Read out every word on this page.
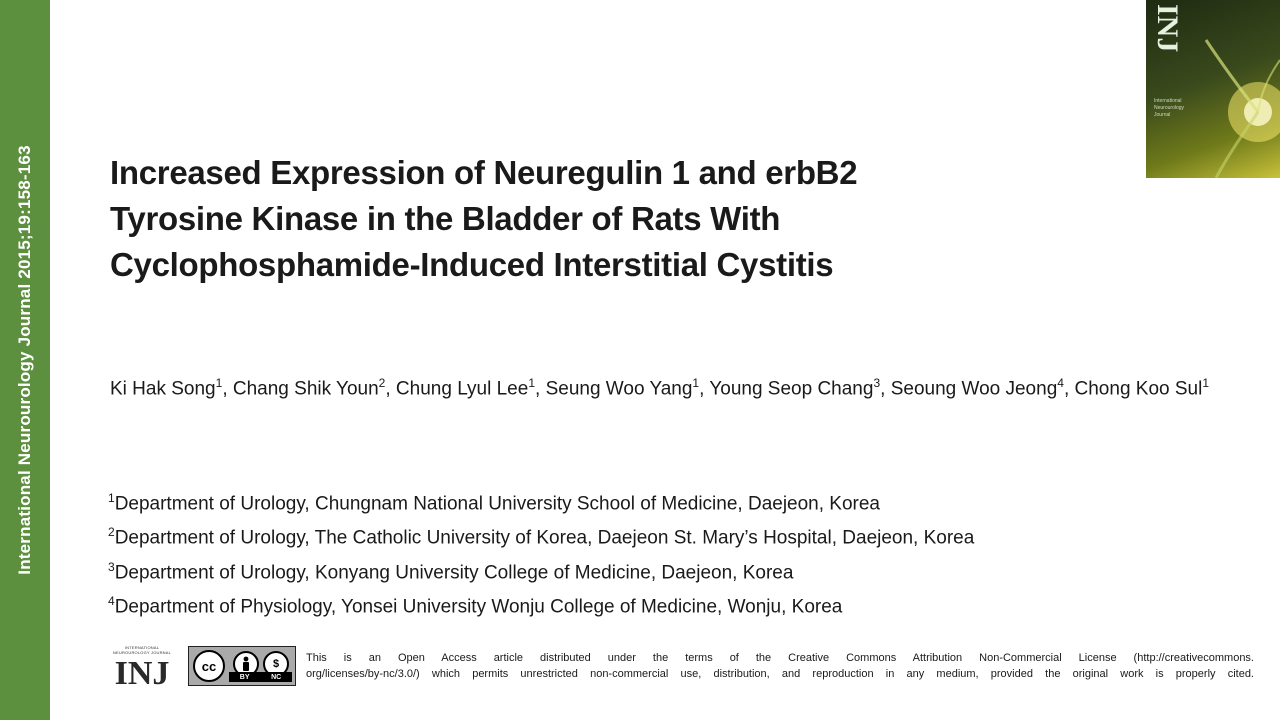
International Neurourology Journal 2015;19:158-163
INJ
International Neurourology Journal
Increased Expression of Neuregulin 1 and erbB2
Tyrosine Kinase in the Bladder of Rats With
Cyclophosphamide-Induced Interstitial Cystitis
Ki Hak Song$^1$, Chang Shik Youn$^2$, Chung Lyul Lee$^1$, Seung Woo Yang$^1$, Young Seop Chang$^3$, Seoung Woo Jeong$^4$, Chong Koo Sul$^1$
$^1$Department of Urology, Chungnam National University School of Medicine, Daejeon, Korea
$^2$Department of Urology, The Catholic University of Korea, Daejeon St. Mary’s Hospital, Daejeon, Korea
$^3$Department of Urology, Konyang University College of Medicine, Daejeon, Korea
$^4$Department of Physiology, Yonsei University Wonju College of Medicine, Wonju, Korea
INTERNATIONAL NEUROUROLOGY JOURNAL
INJ	cc	$
BY	NC
This is an Open Access article distributed under the terms of the Creative Commons Attribution Non-Commercial License (http://creativecommons.
org/licenses/by-nc/3.0/) which permits unrestricted non-commercial use, distribution, and reproduction in any medium, provided the original work is properly cited.
